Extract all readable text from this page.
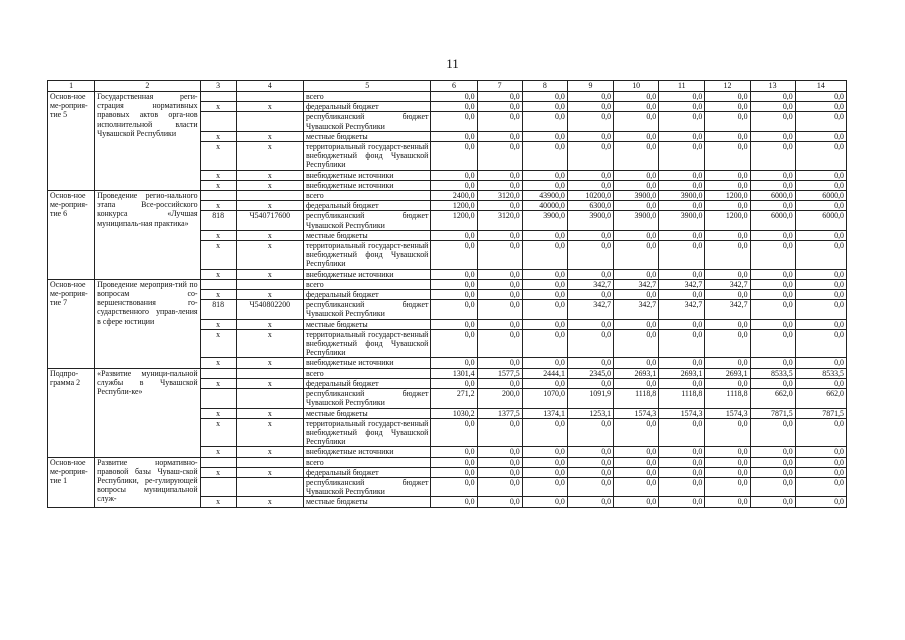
11
1	2	3	4	5	6	7	8	9	10	11	12	13	14
Основ-ное ме-роприя-тие 5	Государственная реги-страция нормативных правовых актов орга-нов исполнительной власти Чувашской Республики			всего	0,0	0,0	0,0	0,0	0,0	0,0	0,0	0,0	0,0
		х	х	федеральный бюджет	0,0	0,0	0,0	0,0	0,0	0,0	0,0	0,0	0,0
				республиканский бюджет Чувашской Республики	0,0	0,0	0,0	0,0	0,0	0,0	0,0	0,0	0,0
		х	х	местные бюджеты	0,0	0,0	0,0	0,0	0,0	0,0	0,0	0,0	0,0
		х	х	территориальный государст-венный внебюджетный фонд Чувашской Республики	0,0	0,0	0,0	0,0	0,0	0,0	0,0	0,0	0,0
		х	х	внебюджетные источники	0,0	0,0	0,0	0,0	0,0	0,0	0,0	0,0	0,0
		х	х	внебюджетные источники	0,0	0,0	0,0	0,0	0,0	0,0	0,0	0,0	0,0
Основ-ное ме-роприя-тие 6	Проведение регио-нального этапа Все-российского конкурса «Лучшая муниципаль-ная практика»			всего	2400,0	3120,0	43900,0	10200,0	3900,0	3900,0	1200,0	6000,0	6000,0
		х	х	федеральный бюджет	1200,0	0,0	40000,0	6300,0	0,0	0,0	0,0	0,0	0,0
		818	Ч540717600	республиканский бюджет Чувашской Республики	1200,0	3120,0	3900,0	3900,0	3900,0	3900,0	1200,0	6000,0	6000,0
		х	х	местные бюджеты	0,0	0,0	0,0	0,0	0,0	0,0	0,0	0,0	0,0
		х	х	территориальный государст-венный внебюджетный фонд Чувашской Республики	0,0	0,0	0,0	0,0	0,0	0,0	0,0	0,0	0,0
		х	х	внебюджетные источники	0,0	0,0	0,0	0,0	0,0	0,0	0,0	0,0	0,0
Основ-ное ме-роприя-тие 7	Проведение мероприя-тий по вопросам со-вершенствования го-сударственного управ-ления в сфере юстиции			всего	0,0	0,0	0,0	342,7	342,7	342,7	342,7	0,0	0,0
		х	х	федеральный бюджет	0,0	0,0	0,0	0,0	0,0	0,0	0,0	0,0	0,0
		818	Ч540802200	республиканский бюджет Чувашской Республики	0,0	0,0	0,0	342,7	342,7	342,7	342,7	0,0	0,0
		х	х	местные бюджеты	0,0	0,0	0,0	0,0	0,0	0,0	0,0	0,0	0,0
		х	х	территориальный государст-венный внебюджетный фонд Чувашской Республики	0,0	0,0	0,0	0,0	0,0	0,0	0,0	0,0	0,0
		х	х	внебюджетные источники	0,0	0,0	0,0	0,0	0,0	0,0	0,0	0,0	0,0
Подпро-грамма 2	«Развитие муници-пальной службы в Чувашской Республи-ке»			всего	1301,4	1577,5	2444,1	2345,0	2693,1	2693,1	2693,1	8533,5	8533,5
		х	х	федеральный бюджет	0,0	0,0	0,0	0,0	0,0	0,0	0,0	0,0	0,0
				республиканский бюджет Чувашской Республики	271,2	200,0	1070,0	1091,9	1118,8	1118,8	1118,8	662,0	662,0
		х	х	местные бюджеты	1030,2	1377,5	1374,1	1253,1	1574,3	1574,3	1574,3	7871,5	7871,5
		х	х	территориальный государст-венный внебюджетный фонд Чувашской Республики	0,0	0,0	0,0	0,0	0,0	0,0	0,0	0,0	0,0
		х	х	внебюджетные источники	0,0	0,0	0,0	0,0	0,0	0,0	0,0	0,0	0,0
Основ-ное ме-роприя-тие 1	Развитие нормативно-правовой базы Чуваш-ской Республики, ре-гулирующей вопросы муниципальной служ-			всего	0,0	0,0	0,0	0,0	0,0	0,0	0,0	0,0	0,0
		х	х	федеральный бюджет	0,0	0,0	0,0	0,0	0,0	0,0	0,0	0,0	0,0
				республиканский бюджет Чувашской Республики	0,0	0,0	0,0	0,0	0,0	0,0	0,0	0,0	0,0
		х	х	местные бюджеты	0,0	0,0	0,0	0,0	0,0	0,0	0,0	0,0	0,0
